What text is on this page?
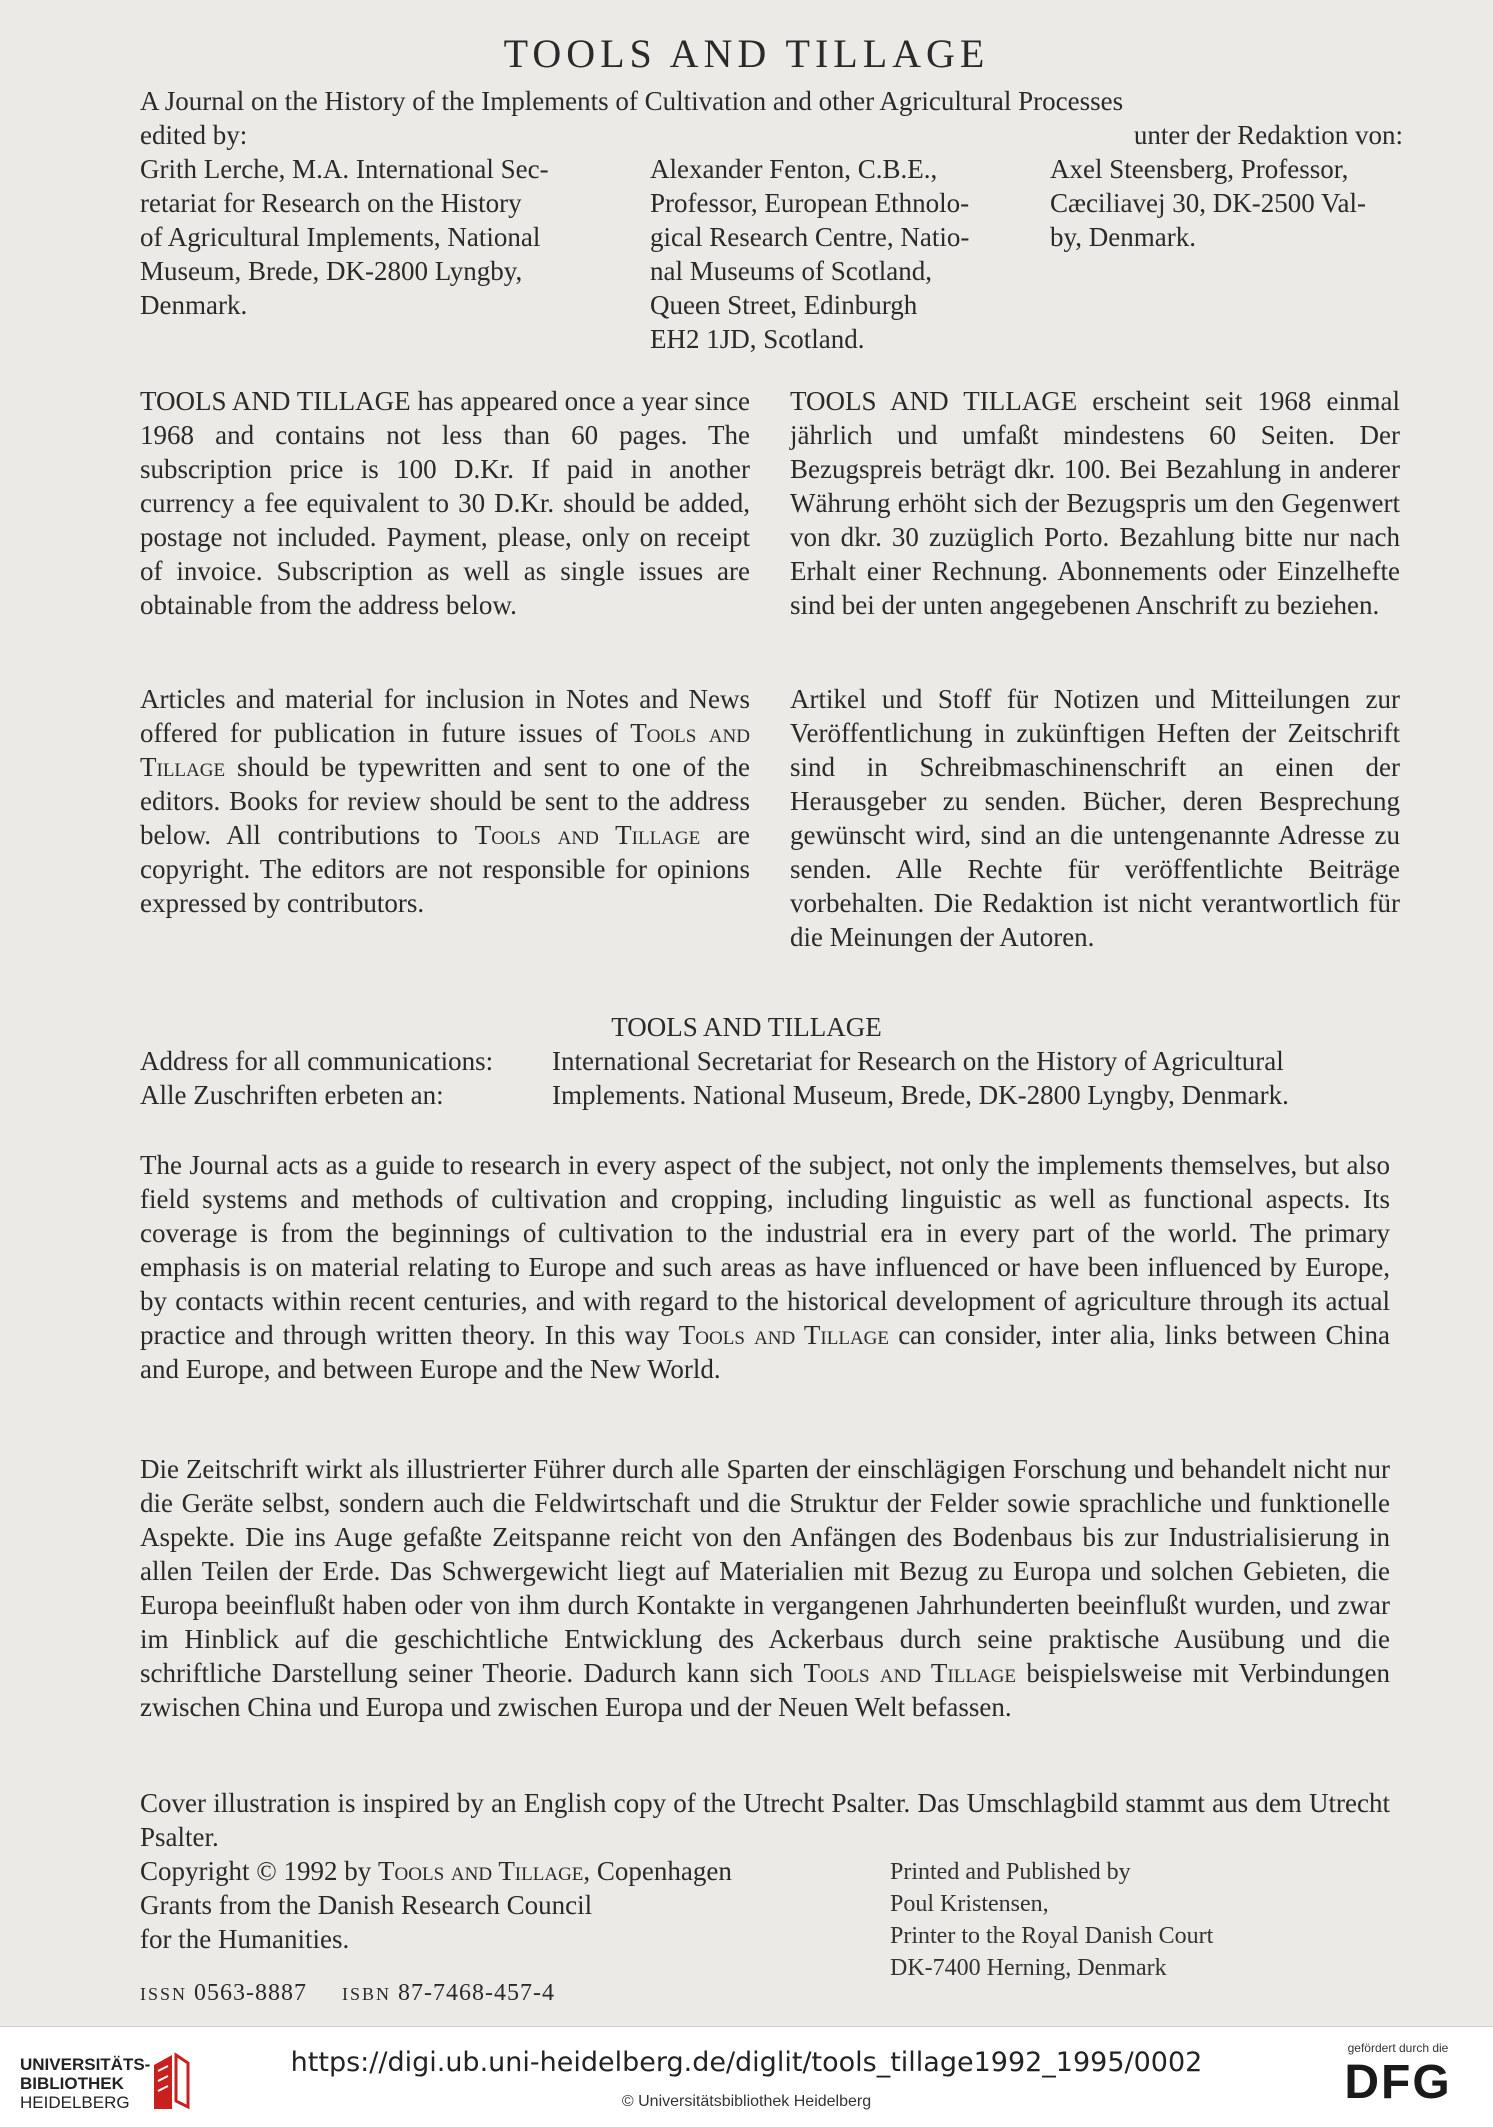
TOOLS AND TILLAGE
A Journal on the History of the Implements of Cultivation and other Agricultural Processes
edited by:	unter der Redaktion von:
Grith Lerche, M.A. International Sec-
retariat for Research on the History
of Agricultural Implements, National
Museum, Brede, DK-2800 Lyngby,
Denmark.
Alexander Fenton, C.B.E.,
Professor, European Ethnolo-
gical Research Centre, Natio-
nal Museums of Scotland,
Queen Street, Edinburgh
EH2 1JD, Scotland.
Axel Steensberg, Professor,
Cæciliavej 30, DK-2500 Val-
by, Denmark.
TOOLS AND TILLAGE has appeared once a year since 1968 and contains not less than 60 pages. The subscription price is 100 D.Kr. If paid in another currency a fee equivalent to 30 D.Kr. should be added, postage not included. Payment, please, only on receipt of invoice. Subscription as well as single issues are obtainable from the address below.
TOOLS AND TILLAGE erscheint seit 1968 einmal jährlich und umfaßt mindestens 60 Seiten. Der Bezugspreis beträgt dkr. 100. Bei Bezahlung in anderer Währung erhöht sich der Bezugspris um den Gegenwert von dkr. 30 zuzüglich Porto. Bezahlung bitte nur nach Erhalt einer Rechnung. Abonnements oder Einzelhefte sind bei der unten angegebenen Anschrift zu beziehen.
Articles and material for inclusion in Notes and News offered for publication in future issues of Tools and Tillage should be typewritten and sent to one of the editors. Books for review should be sent to the address below. All contributions to Tools and Tillage are copyright. The editors are not responsible for opinions expressed by contributors.
Artikel und Stoff für Notizen und Mitteilungen zur Veröffentlichung in zukünftigen Heften der Zeitschrift sind in Schreibmaschinenschrift an einen der Herausgeber zu senden. Bücher, deren Besprechung gewünscht wird, sind an die untengenannte Adresse zu senden. Alle Rechte für veröffentlichte Beiträge vorbehalten. Die Redaktion ist nicht verantwortlich für die Meinungen der Autoren.
TOOLS AND TILLAGE
Address for all communications: International Secretariat for Research on the History of Agricultural
Alle Zuschriften erbeten an:	Implements. National Museum, Brede, DK-2800 Lyngby, Denmark.
The Journal acts as a guide to research in every aspect of the subject, not only the implements themselves, but also field systems and methods of cultivation and cropping, including linguistic as well as functional aspects. Its coverage is from the beginnings of cultivation to the industrial era in every part of the world. The primary emphasis is on material relating to Europe and such areas as have influenced or have been influenced by Europe, by contacts within recent centuries, and with regard to the historical development of agriculture through its actual practice and through written theory. In this way Tools and Tillage can consider, inter alia, links between China and Europe, and between Europe and the New World.
Die Zeitschrift wirkt als illustrierter Führer durch alle Sparten der einschlägigen Forschung und behandelt nicht nur die Geräte selbst, sondern auch die Feldwirtschaft und die Struktur der Felder sowie sprachliche und funktionelle Aspekte. Die ins Auge gefaßte Zeitspanne reicht von den Anfängen des Bodenbaus bis zur Industrialisierung in allen Teilen der Erde. Das Schwergewicht liegt auf Materialien mit Bezug zu Europa und solchen Gebieten, die Europa beeinflußt haben oder von ihm durch Kontakte in vergangenen Jahrhunderten beeinflußt wurden, und zwar im Hinblick auf die geschichtliche Entwicklung des Ackerbaus durch seine praktische Ausübung und die schriftliche Darstellung seiner Theorie. Dadurch kann sich Tools and Tillage beispielsweise mit Verbindungen zwischen China und Europa und zwischen Europa und der Neuen Welt befassen.
Cover illustration is inspired by an English copy of the Utrecht Psalter. Das Umschlagbild stammt aus dem Utrecht Psalter.
Copyright © 1992 by Tools and Tillage, Copenhagen
Grants from the Danish Research Council
for the Humanities.
Printed and Published by
Poul Kristensen,
Printer to the Royal Danish Court
DK-7400 Herning, Denmark
ISSN 0563-8887 ISBN 87-7468-457-4
UNIVERSITÄTS-
BIBLIOTHEK
HEIDELBERG
https://digi.ub.uni-heidelberg.de/diglit/tools_tillage1992_1995/0002
© Universitätsbibliothek Heidelberg
gefördert durch die
DFG
